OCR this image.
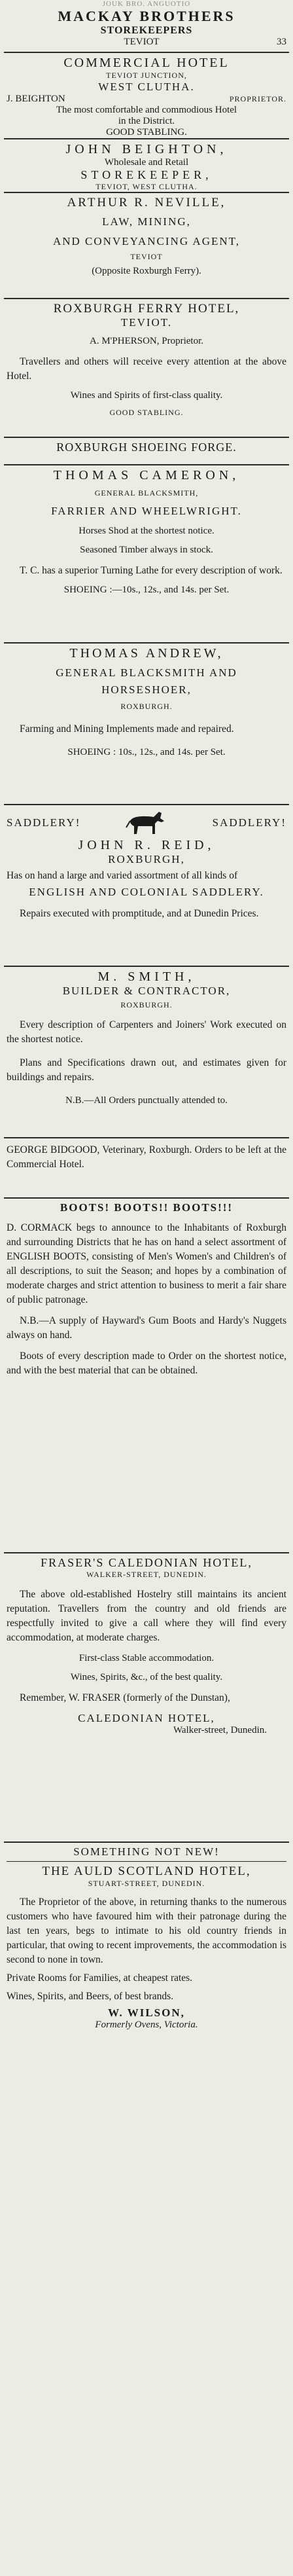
JOUK BRO. ANGUOTIO
MACKAY BROTHERS
STOREKEEPERS
TEVIOT	33
COMMERCIAL HOTEL
TEVIOT JUNCTION,
WEST CLUTHA.
J. BEIGHTON	PROPRIETOR.
The most comfortable and commodious Hotel
in the District.
GOOD STABLING.
JOHN BEIGHTON,
Wholesale and Retail
STOREKEEPER,
TEVIOT, WEST CLUTHA.
ARTHUR R. NEVILLE,
LAW, MINING,
AND CONVEYANCING AGENT,
TEVIOT
(Opposite Roxburgh Ferry).
ROXBURGH FERRY HOTEL,
TEVIOT.
A. M'PHERSON, Proprietor.

Travellers and others will receive every attention at the above Hotel.

Wines and Spirits of first-class quality.
GOOD STABLING.
ROXBURGH SHOEING FORGE.
THOMAS CAMERON,
GENERAL BLACKSMITH,
FARRIER AND WHEELWRIGHT.
Horses Shod at the shortest notice.
Seasoned Timber always in stock.

T. C. has a superior Turning Lathe for every description of work.

SHOEING :—10s., 12s., and 14s. per Set.
THOMAS ANDREW,
GENERAL BLACKSMITH AND
HORSESHOER,
ROXBURGH.

Farming and Mining Implements made and repaired.

SHOEING : 10s., 12s., and 14s. per Set.
SADDLERY!	SADDLERY!
JOHN R. REID,
ROXBURGH,

Has on hand a large and varied assortment of all kinds of

ENGLISH AND COLONIAL SADDLERY.

Repairs executed with promptitude, and at Dunedin Prices.

M. SMITH,
BUILDER & CONTRACTOR,
ROXBURGH.

Every description of Carpenters and Joiners' Work executed on the shortest notice.

Plans and Specifications drawn out, and estimates given for buildings and repairs.

N.B.—All Orders punctually attended to.

GEORGE BIDGOOD, Veterinary, Roxburgh. Orders to be left at the Commercial Hotel.

BOOTS! BOOTS!! BOOTS!!!

D. CORMACK begs to announce to the Inhabitants of Roxburgh and surrounding Districts that he has on hand a select assortment of ENGLISH BOOTS, consisting of Men's Women's and Children's of all descriptions, to suit the Season; and hopes by a combination of moderate charges and strict attention to business to merit a fair share of public patronage.

N.B.—A supply of Hayward's Gum Boots and Hardy's Nuggets always on hand.

Boots of every description made to Order on the shortest notice, and with the best material that can be obtained.

FRASER'S CALEDONIAN HOTEL,
WALKER-STREET, DUNEDIN.

The above old-established Hostelry still maintains its ancient reputation. Travellers from the country and old friends are respectfully invited to give a call where they will find every accommodation, at moderate charges.

First-class Stable accommodation.
Wines, Spirits, &c., of the best quality.

Remember, W. FRASER (formerly of the Dunstan),

CALEDONIAN HOTEL,
Walker-street, Dunedin.
SOMETHING NOT NEW!
THE AULD SCOTLAND HOTEL,
STUART-STREET, DUNEDIN.

The Proprietor of the above, in returning thanks to the numerous customers who have favoured him with their patronage during the last ten years, begs to intimate to his old country friends in particular, that owing to recent improvements, the accommodation is second to none in town.

Private Rooms for Families, at cheapest rates.

Wines, Spirits, and Beers, of best brands.

W. WILSON,
Formerly Ovens, Victoria.
